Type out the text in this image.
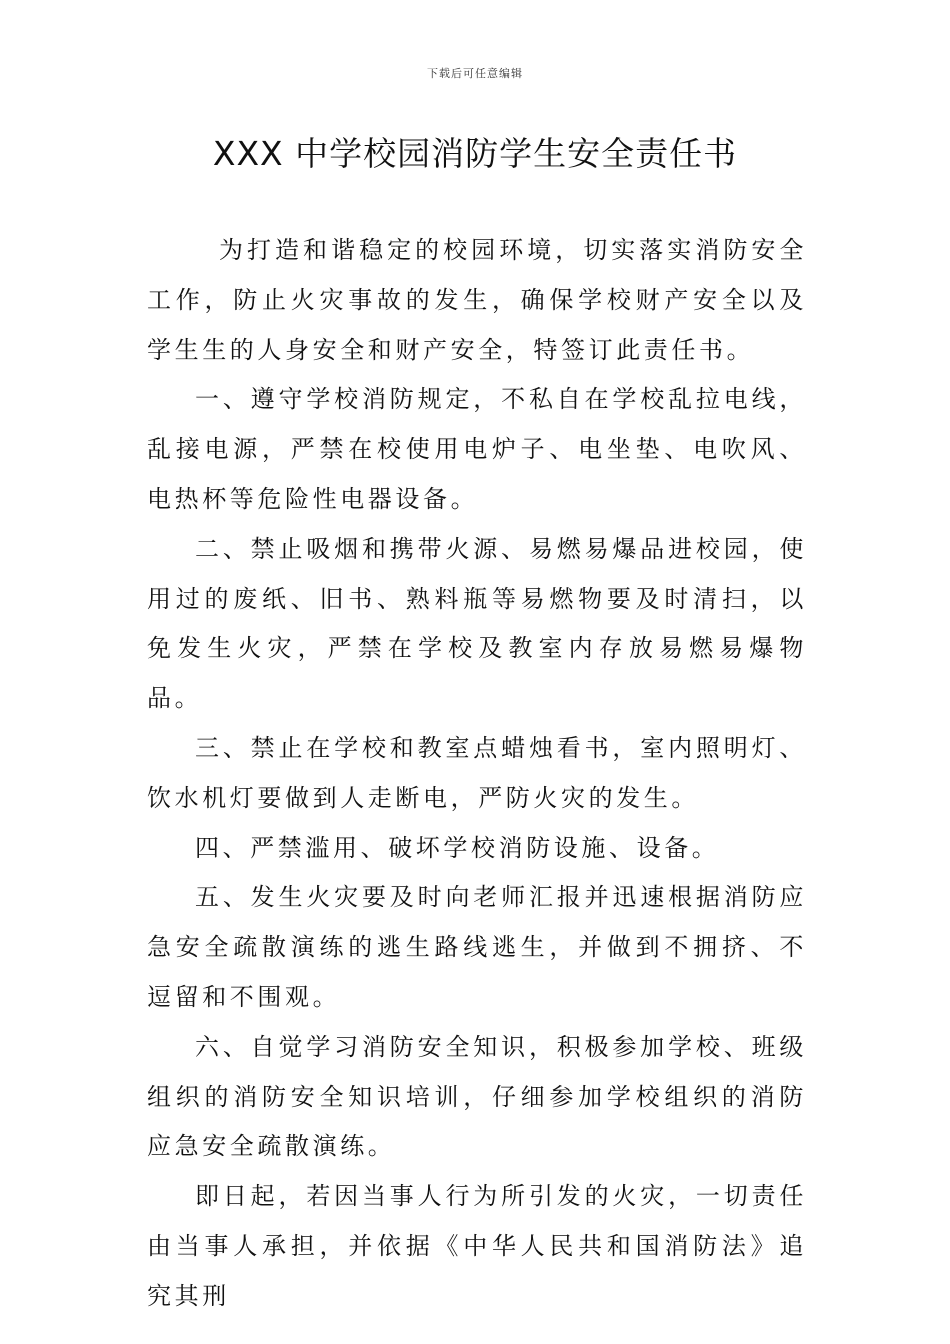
下载后可任意编辑
XXX 中学校园消防学生安全责任书

为打造和谐稳定的校园环境，切实落实消防安全工作，防止火灾事故的发生，确保学校财产安全以及学生生的人身安全和财产安全，特签订此责任书。

一、遵守学校消防规定，不私自在学校乱拉电线，乱接电源，严禁在校使用电炉子、电坐垫、电吹风、电热杯等危险性电器设备。

二、禁止吸烟和携带火源、易燃易爆品进校园，使用过的废纸、旧书、熟料瓶等易燃物要及时清扫，以免发生火灾，严禁在学校及教室内存放易燃易爆物品。

三、禁止在学校和教室点蜡烛看书，室内照明灯、饮水机灯要做到人走断电，严防火灾的发生。

四、严禁滥用、破坏学校消防设施、设备。

五、发生火灾要及时向老师汇报并迅速根据消防应急安全疏散演练的逃生路线逃生，并做到不拥挤、不逗留和不围观。

六、自觉学习消防安全知识，积极参加学校、班级组织的消防安全知识培训，仔细参加学校组织的消防应急安全疏散演练。

即日起，若因当事人行为所引发的火灾，一切责任由当事人承担，并依据《中华人民共和国消防法》追究其刑
